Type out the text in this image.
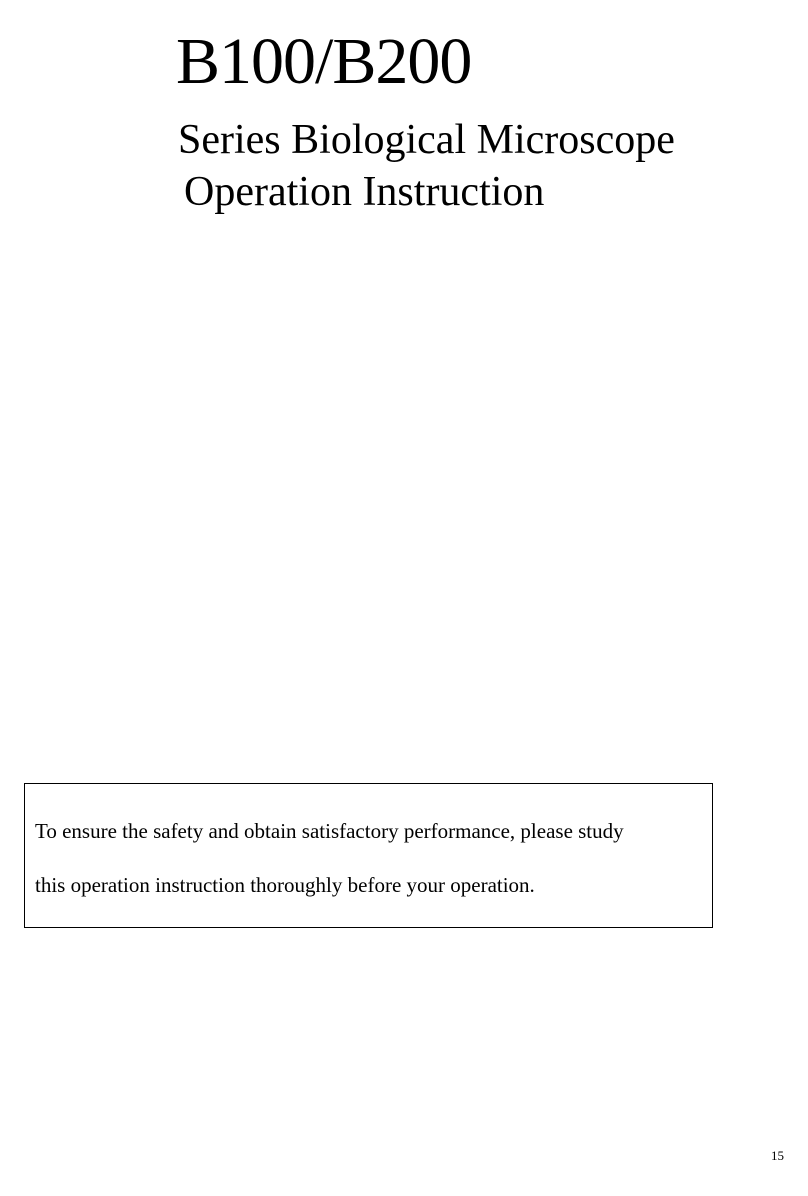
B100/B200
Series Biological Microscope
Operation Instruction
To ensure the safety and obtain satisfactory performance, please study
this operation instruction thoroughly before your operation.
15
